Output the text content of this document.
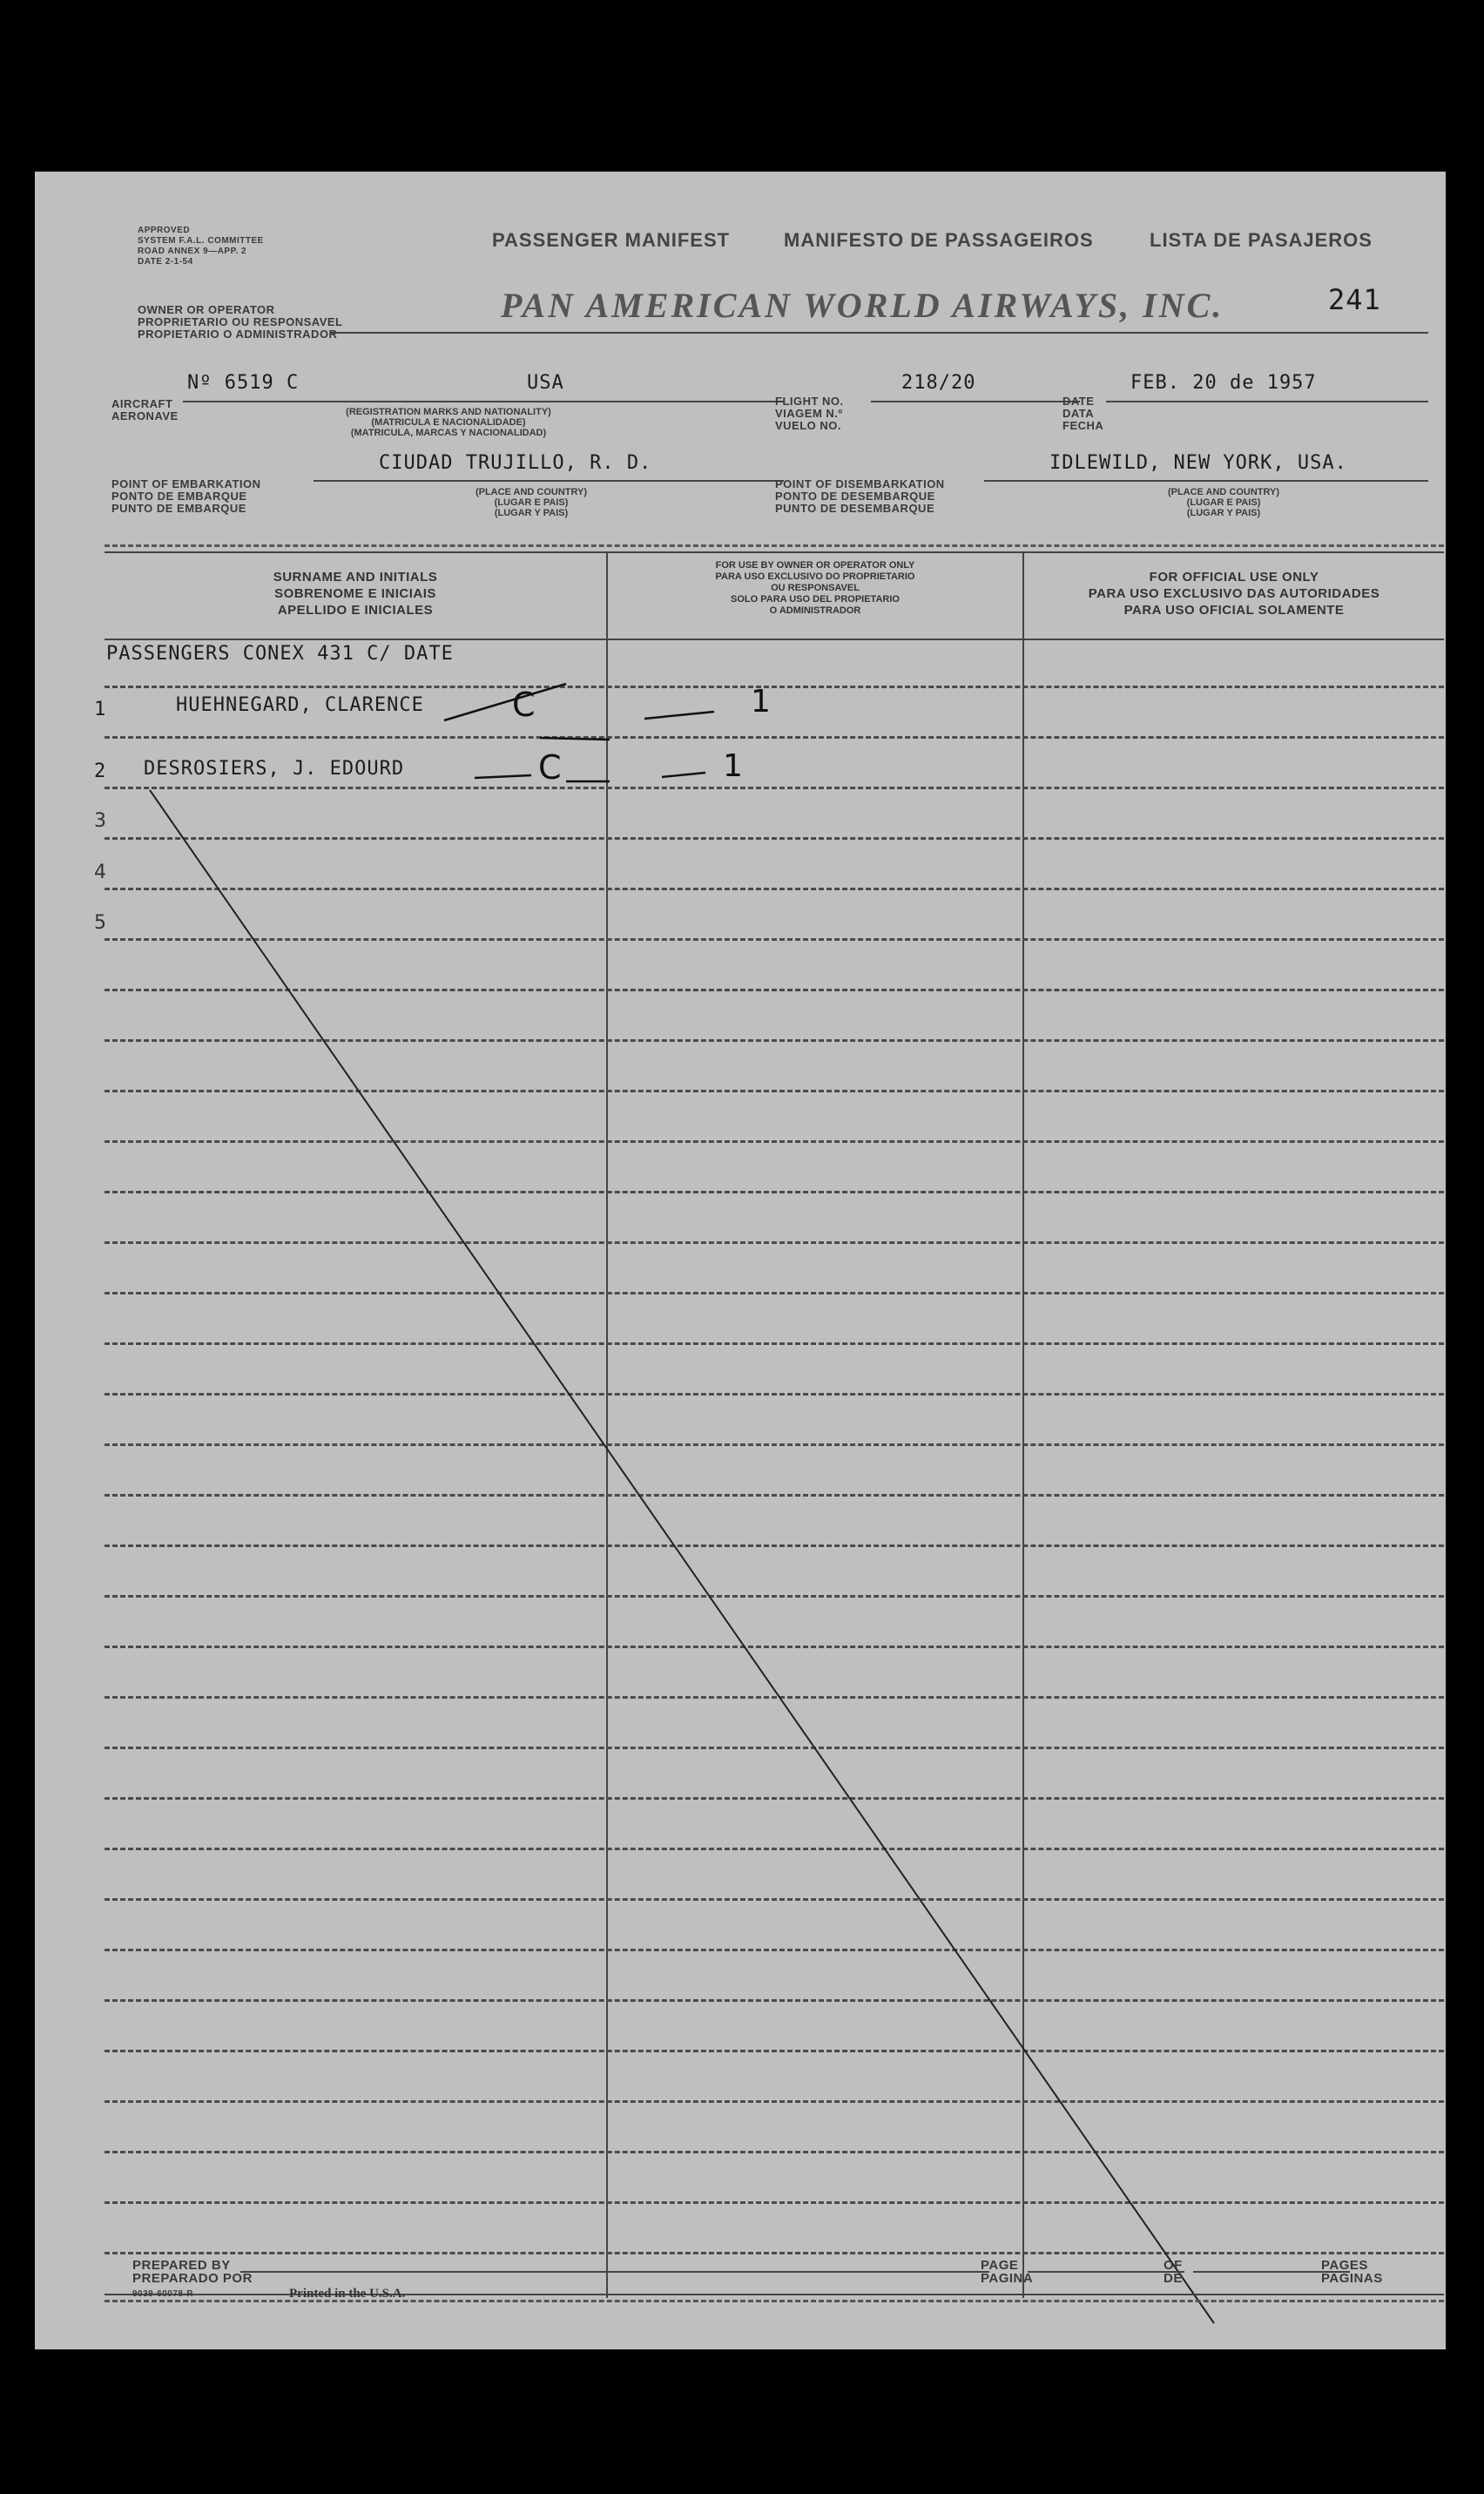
APPROVED
SYSTEM F.A.L. COMMITTEE
ROAD ANNEX 9—APP. 2
DATE 2-1-54
PASSENGER MANIFEST	MANIFESTO DE PASSAGEIROS	LISTA DE PASAJEROS
241
OWNER OR OPERATOR
PROPRIETARIO OU RESPONSAVEL
PROPIETARIO O ADMINISTRADOR
PAN AMERICAN WORLD AIRWAYS, INC.
AIRCRAFT
AERONAVE
Nº 6519 C	USA
(REGISTRATION MARKS AND NATIONALITY)
(MATRICULA E NACIONALIDADE)
(MATRICULA, MARCAS Y NACIONALIDAD)
FLIGHT NO.
VIAGEM N.º
VUELO NO.
218/20
DATE
DATA
FECHA
FEB. 20 de 1957
POINT OF EMBARKATION
PONTO DE EMBARQUE
PUNTO DE EMBARQUE
CIUDAD TRUJILLO, R. D.
(PLACE AND COUNTRY)
(LUGAR E PAIS)
(LUGAR Y PAIS)
POINT OF DISEMBARKATION
PONTO DE DESEMBARQUE
PUNTO DE DESEMBARQUE
IDLEWILD, NEW YORK, USA.
(PLACE AND COUNTRY)
(LUGAR E PAIS)
(LUGAR Y PAIS)
SURNAME AND INITIALS
SOBRENOME E INICIAIS
APELLIDO E INICIALES
FOR USE BY OWNER OR OPERATOR ONLY
PARA USO EXCLUSIVO DO PROPRIETARIO
OU RESPONSAVEL
SOLO PARA USO DEL PROPIETARIO
O ADMINISTRADOR
FOR OFFICIAL USE ONLY
PARA USO EXCLUSIVO DAS AUTORIDADES
PARA USO OFICIAL SOLAMENTE
PASSENGERS CONEX 431 C/ DATE
1	HUEHNEGARD, CLARENCE	C	1
2 DESROSIERS, J. EDOURD	C	1
3
4
5
PREPARED BY
PREPARADO POR
9039-60078-R	Printed in the U.S.A.
PAGE
PAGINA
OF
DE
PAGES
PAGINAS
